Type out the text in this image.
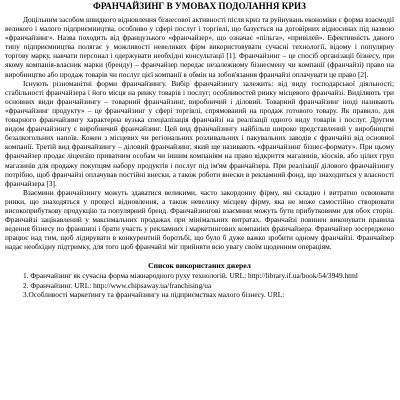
ФРАНЧАЙЗИНГ В УМОВАХ ПОДОЛАННЯ КРИЗ

Доцільним засобом швидкого відновлення бізнесової активності після криз та руйнувань економіки є форма взаємодії великого і малого підприємництва, особливо у сфері послуг і торгівлі, що базується на договірних відносинах під назвою «франчайзинг». Назва походить від французького «франчайзер», що означає «пільга», «привілей». Ефективність даного типу підприємництва полягає у можливості невеликих фірм використовувати сучасні технології, відому і популярну торгову марку, навчати персонал і одержувати необхідні консультації [1]. Франчайзинг – це спосіб організації бізнесу, при якому компанія-власник марки (бренду) – франчайзер передає незалежному бізнесмену чи компанії (франчайзі) право на виробництво або продаж товарів чи послуг цієї компанії в обмін на зобов'язання франчайзі оплачувати це право [2].

Існують різноманітні форми франчайзингу. Вибір франчайзингу залежить: від виду господарської діяльності; стабільності франчайзера і його місця на ринку товарів і послуг; особливостей ринку місцевого франчайзі. Виділяють три основних види франчайзингу – товарний франчайзинг, виробничий і діловий. Товарний франчайзинг іноді називають «франчайзинг продукту» – це франчайзинг у сфері торгівлі, спрямований на продаж готового товару. Як правило, для товарного франчайзингу характерна вузька спеціалізація франчайзі на реалізації одного виду товарів і послуг. Другим видом франчайзингу є виробничий франчайзинг. Цей вид франчайзингу найбільш широко представлений у виробництві безалкогольних напоїв. Кожен з місцевих чи регіональних розливальних і пакувальних заводів є франчайзі від основної компанії. Третій вид франчайзингу – діловий франчайзинг, який ще називають «франчайзинг бізнес-формату». При цьому франчайзер продає ліцензію приватним особам чи іншим компаніям на право відкриття магазинів, кіосків, або цілих груп магазинів для продажу покупцям набору продуктів і послуг під ім'ям франчайзера. При реалізації ділового франчайзингу потрібно, щоб франчайзі оплачував постійні внески, а також роботи внески в рекламний фонд, що знаходиться у власності франчайзера [3].

Взаємини франчайзингу можуть здаватися великими, часто закордонну фірму, які складно і витратно освоювати ринки, що знаходяться у процесі відновлення, а також невелику місцеву фірму, яка не може самостійно створювати високоприбуткову продукцію та популярний бренд. Франчайзингові взаємини можуть бути прибутковими для обох сторін. Франчайзі зацікавлений у максимальних продажах при мінімальних витратах. Франчайзі повинен виконувати правила ведення бізнесу по франшизі і брати участь у рекламних і маркетингових компаніях франчайзера. Франчайзер зосереджено працює над тим, щоб лідирувати в конкурентній боротьбі, що було б дуже важко зробити одному франчайзі. Франчайзер надає необхідну підтримку, для того щоб франчайзі міг прийняти всю увагу своїм щоденним операціям.

Список використаних джерел

1. Франчайзинг як сучасна форма міжнародного руху технологій. URL: http://library.if.ua/book/54/3949.html

2. Франчайзинг. URL: http://www.chipsaway.ua/franchising/ua

3.Особливості маркетингу та франчайзингу на підприємствах малого бізнесу. URL:
